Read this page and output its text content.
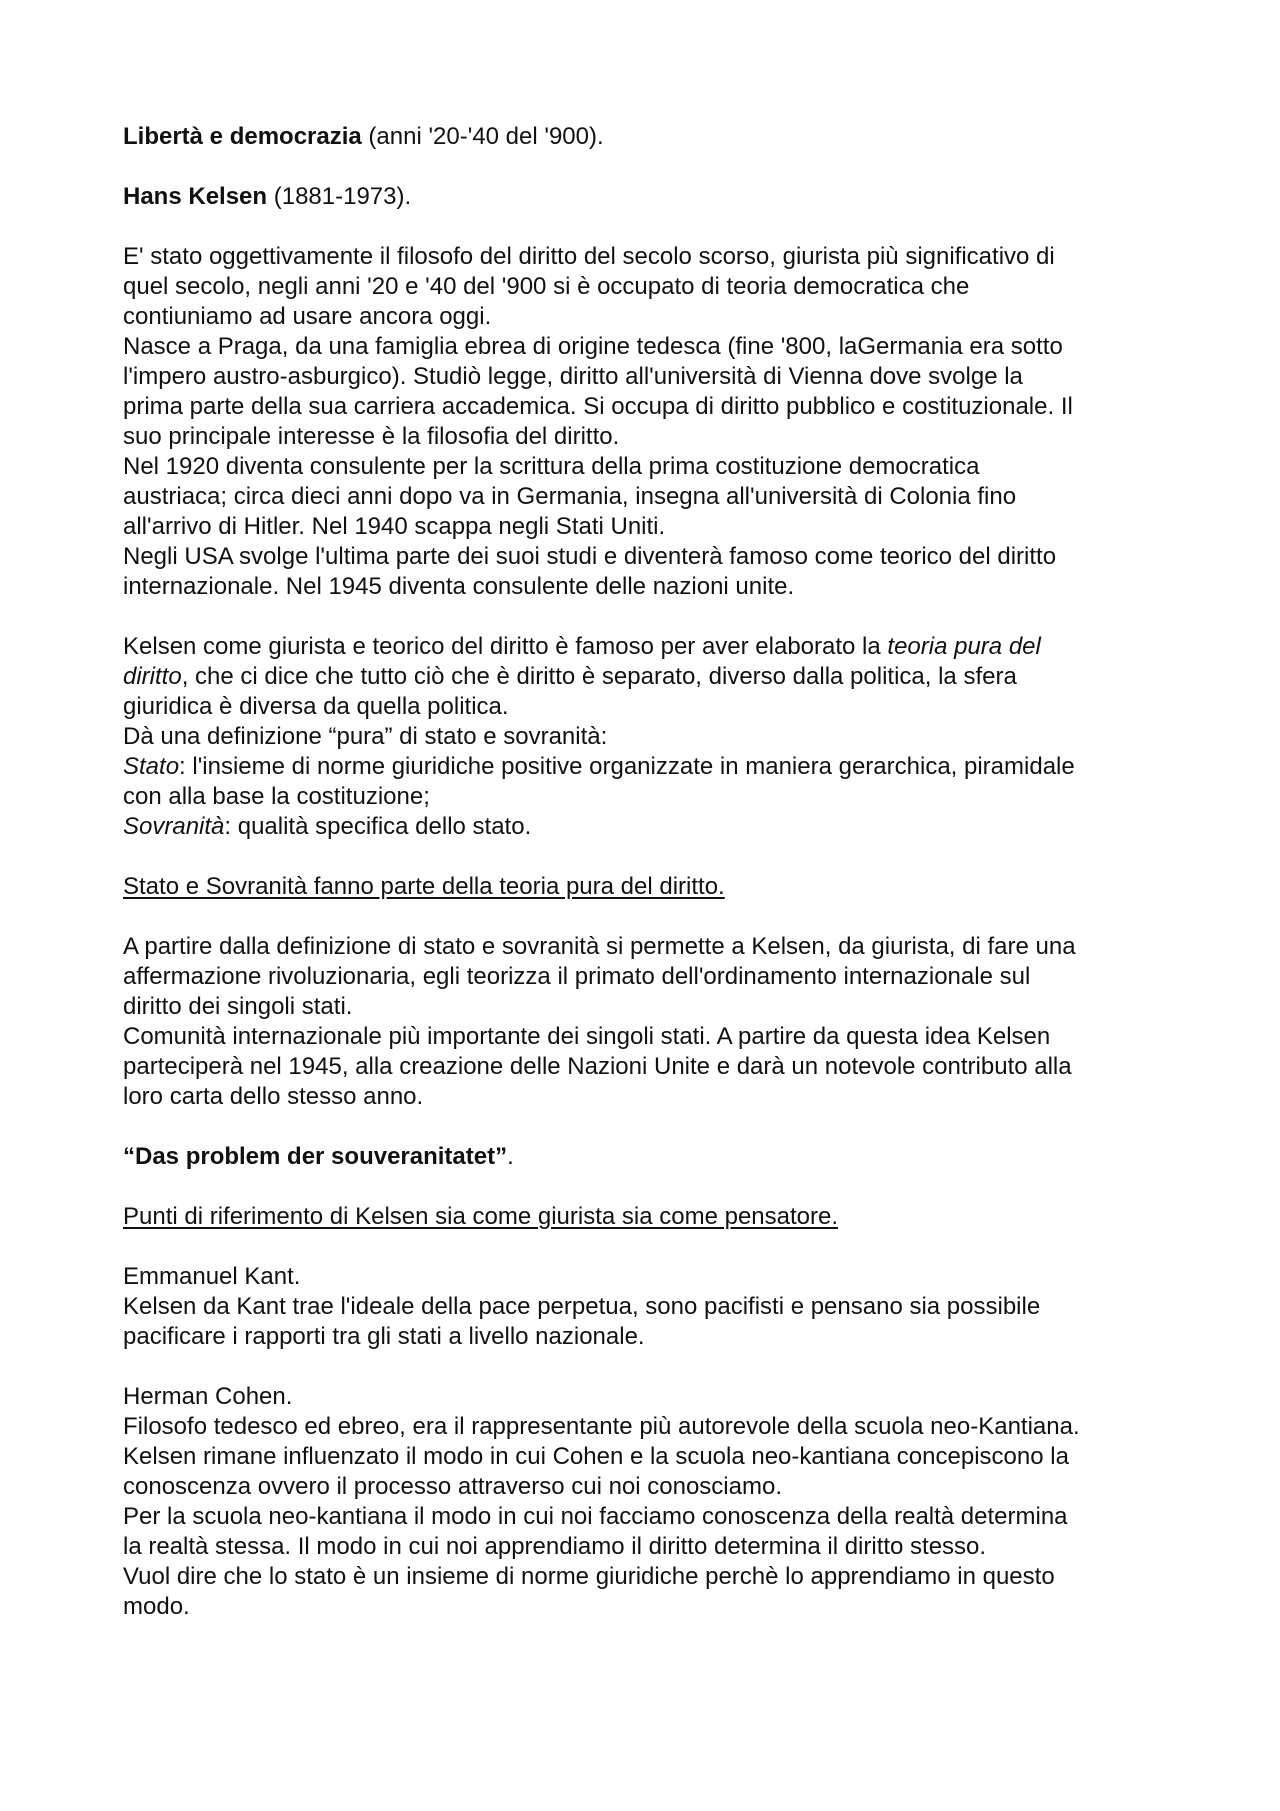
Libertà e democrazia (anni '20-'40 del '900).
Hans Kelsen (1881-1973).
E' stato oggettivamente il filosofo del diritto del secolo scorso, giurista più significativo di
quel secolo, negli anni '20 e '40 del '900 si è occupato di teoria democratica che
contiuniamo ad usare ancora oggi.
Nasce a Praga, da una famiglia ebrea di origine tedesca (fine '800, laGermania era sotto
l'impero austro-asburgico). Studiò legge, diritto all'università di Vienna dove svolge la
prima parte della sua carriera accademica. Si occupa di diritto pubblico e costituzionale. Il
suo principale interesse è la filosofia del diritto.
Nel 1920 diventa consulente per la scrittura della prima costituzione democratica
austriaca; circa dieci anni dopo va in Germania, insegna all'università di Colonia fino
all'arrivo di Hitler. Nel 1940 scappa negli Stati Uniti.
Negli USA svolge l'ultima parte dei suoi studi e diventerà famoso come teorico del diritto
internazionale. Nel 1945 diventa consulente delle nazioni unite.
Kelsen come giurista e teorico del diritto è famoso per aver elaborato la teoria pura del
diritto, che ci dice che tutto ciò che è diritto è separato, diverso dalla politica, la sfera
giuridica è diversa da quella politica.
Dà una definizione “pura” di stato e sovranità:
Stato: l'insieme di norme giuridiche positive organizzate in maniera gerarchica, piramidale
con alla base la costituzione;
Sovranità: qualità specifica dello stato.
Stato e Sovranità fanno parte della teoria pura del diritto.
A partire dalla definizione di stato e sovranità si permette a Kelsen, da giurista, di fare una
affermazione rivoluzionaria, egli teorizza il primato dell'ordinamento internazionale sul
diritto dei singoli stati.
Comunità internazionale più importante dei singoli stati. A partire da questa idea Kelsen
parteciperà nel 1945, alla creazione delle Nazioni Unite e darà un notevole contributo alla
loro carta dello stesso anno.
“Das problem der souveranitatet”.
Punti di riferimento di Kelsen sia come giurista sia come pensatore.
Emmanuel Kant.
Kelsen da Kant trae l'ideale della pace perpetua, sono pacifisti e pensano sia possibile
pacificare i rapporti tra gli stati a livello nazionale.
Herman Cohen.
Filosofo tedesco ed ebreo, era il rappresentante più autorevole della scuola neo-Kantiana.
Kelsen rimane influenzato il modo in cui Cohen e la scuola neo-kantiana concepiscono la
conoscenza ovvero il processo attraverso cui noi conosciamo.
Per la scuola neo-kantiana il modo in cui noi facciamo conoscenza della realtà determina
la realtà stessa. Il modo in cui noi apprendiamo il diritto determina il diritto stesso.
Vuol dire che lo stato è un insieme di norme giuridiche perchè lo apprendiamo in questo
modo.
